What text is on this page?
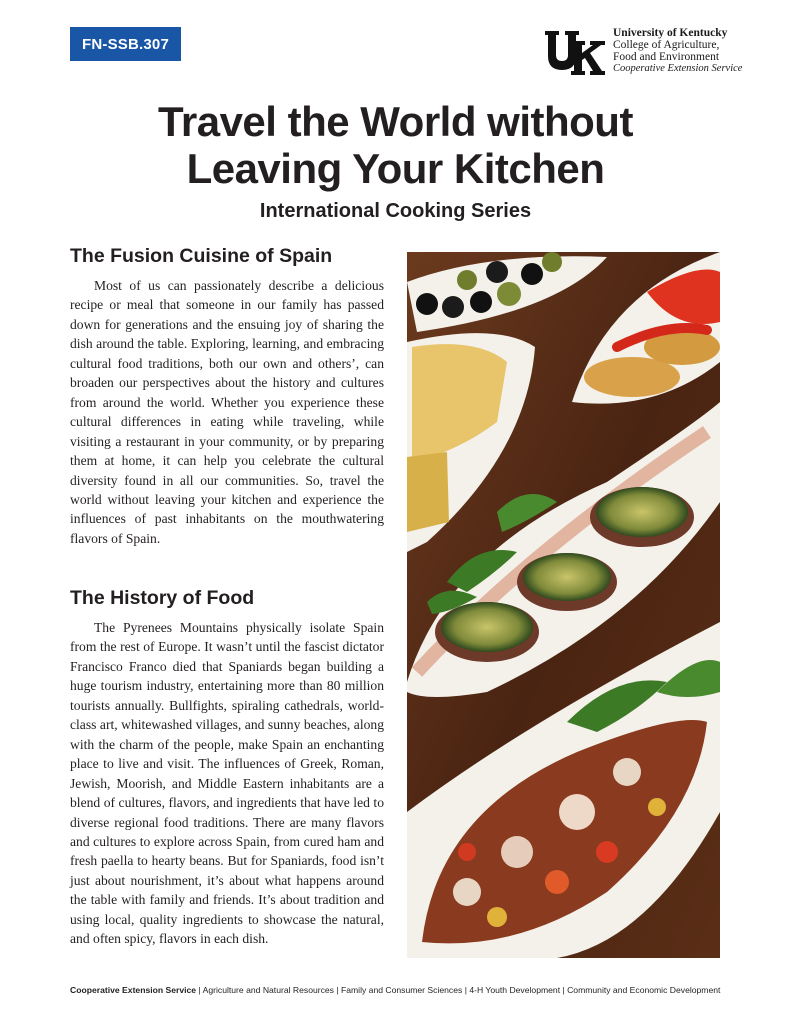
FN-SSB.307
University of Kentucky
College of Agriculture,
Food and Environment
Cooperative Extension Service
Travel the World without
Leaving Your Kitchen
International Cooking Series
The Fusion Cuisine of Spain

Most of us can passionately describe a delicious recipe or meal that someone in our family has passed down for generations and the ensuing joy of sharing the dish around the table. Exploring, learning, and embracing cultural food traditions, both our own and others’, can broaden our perspectives about the history and cultures from around the world. Whether you experience these cultural differences in eating while traveling, while visiting a restaurant in your community, or by preparing them at home, it can help you celebrate the cultural diversity found in all our communities. So, travel the world without leaving your kitchen and experience the influences of past inhabitants on the mouthwatering flavors of Spain.

The History of Food

The Pyrenees Mountains physically isolate Spain from the rest of Europe. It wasn’t until the fascist dictator Francisco Franco died that Spaniards began building a huge tourism industry, entertaining more than 80 million tourists annually. Bullfights, spiraling cathedrals, world-class art, whitewashed villages, and sunny beaches, along with the charm of the people, make Spain an enchanting place to live and visit. The influences of Greek, Roman, Jewish, Moorish, and Middle Eastern inhabitants are a blend of cultures, flavors, and ingredients that have led to diverse regional food traditions. There are many flavors and cultures to explore across Spain, from cured ham and fresh paella to hearty beans. But for Spaniards, food isn’t just about nourishment, it’s about what happens around the table with family and friends. It’s about tradition and using local, quality ingredients to showcase the natural, and often spicy, flavors in each dish.

Cooperative Extension Service | Agriculture and Natural Resources | Family and Consumer Sciences | 4-H Youth Development | Community and Economic Development
